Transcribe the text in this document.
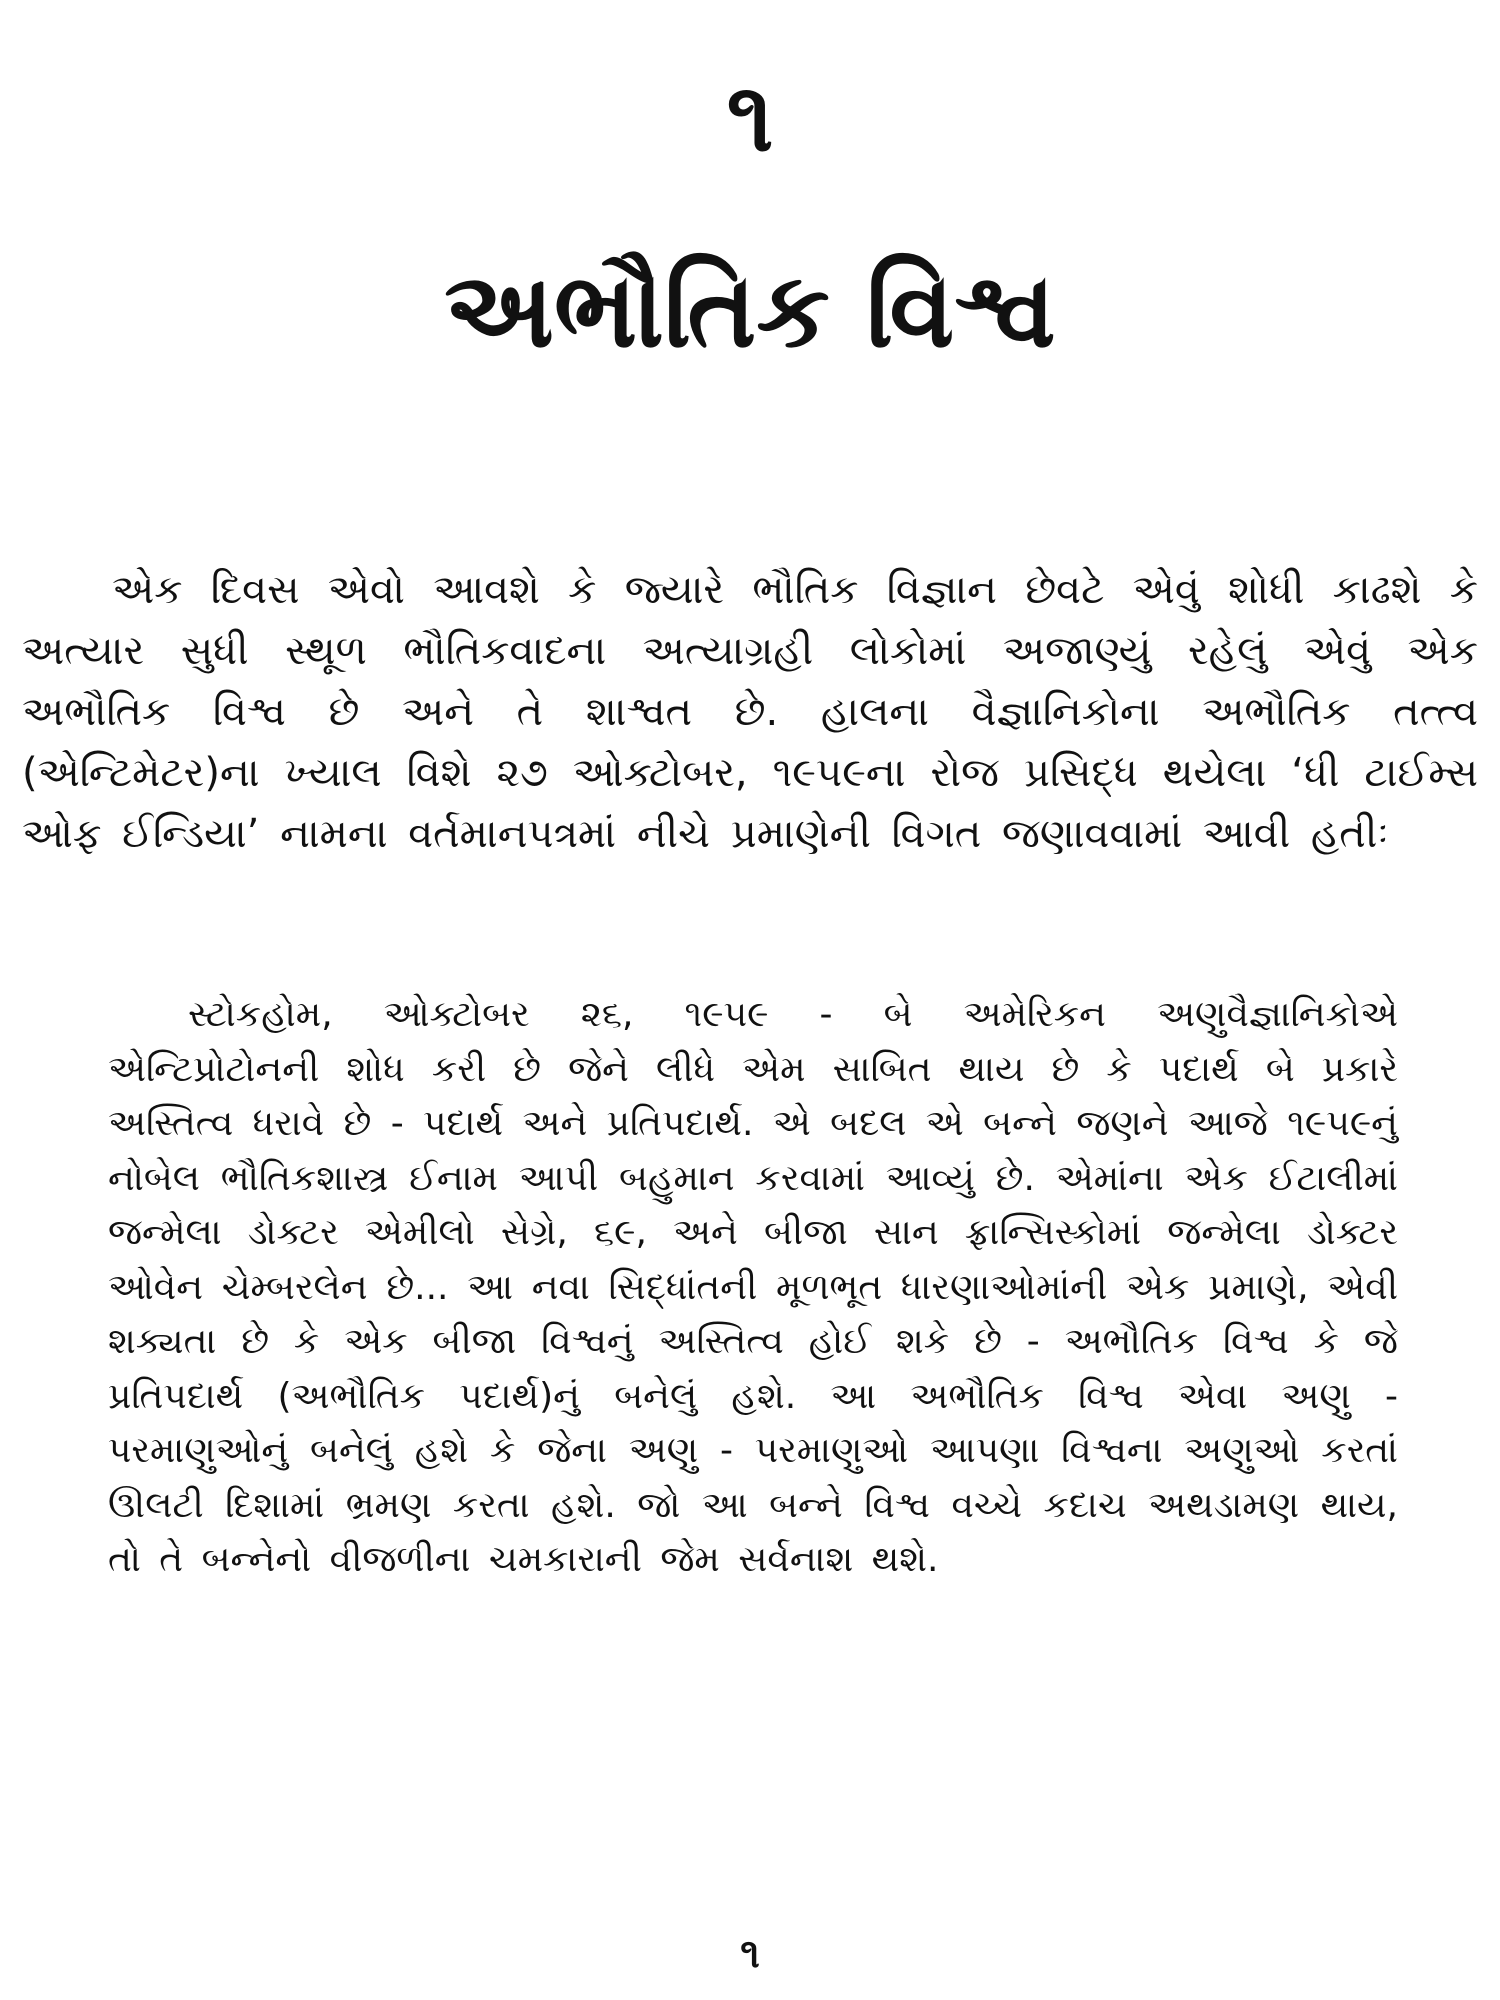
૧
અભૌતિક વિશ્વ

એક દિવસ એવો આવશે કે જ્યારે ભૌતિક વિજ્ઞાન છેવટે એવું શોધી કાઢશે કે અત્યાર સુધી સ્થૂળ ભૌતિકવાદના અત્યાગ્રહી લોકોમાં અજાણ્યું રહેલું એવું એક અભૌતિક વિશ્વ છે અને તે શાશ્વત છે. હાલના વૈજ્ઞાનિકોના અભૌતિક તત્ત્વ (એન્ટિમેટર)ના ખ્યાલ વિશે ૨૭ ઓક્ટોબર, ૧૯૫૯ના રોજ પ્રસિદ્ધ થયેલા ‘ધી ટાઈમ્સ ઓફ ઈન્ડિયા’ નામના વર્તમાનપત્રમાં નીચે પ્રમાણેની વિગત જણાવવામાં આવી હતીઃ

સ્ટોકહોમ, ઓક્ટોબર ૨૬, ૧૯૫૯ - બે અમેરિકન અણુવૈજ્ઞાનિકોએ એન્ટિપ્રોટોનની શોધ કરી છે જેને લીધે એમ સાબિત થાય છે કે પદાર્થ બે પ્રકારે અસ્તિત્વ ધરાવે છે - પદાર્થ અને પ્રતિપદાર્થ. એ બદલ એ બન્ને જણને આજે ૧૯૫૯નું નોબેલ ભૌતિકશાસ્ત્ર ઈનામ આપી બહુમાન કરવામાં આવ્યું છે. એમાંના એક ઈટાલીમાં જન્મેલા ડોક્ટર એમીલો સેગ્રે, ૬૯, અને બીજા સાન ફ્રાન્સિસ્કોમાં જન્મેલા ડોક્ટર ઓવેન ચેમ્બરલેન છે... આ નવા સિદ્ધાંતની મૂળભૂત ધારણાઓમાંની એક પ્રમાણે, એવી શક્યતા છે કે એક બીજા વિશ્વનું અસ્તિત્વ હોઈ શકે છે - અભૌતિક વિશ્વ કે જે પ્રતિપદાર્થ (અભૌતિક પદાર્થ)નું બનેલું હશે. આ અભૌતિક વિશ્વ એવા અણુ - પરમાણુઓનું બનેલું હશે કે જેના અણુ - પરમાણુઓ આપણા વિશ્વના અણુઓ કરતાં ઊલટી દિશામાં ભ્રમણ કરતા હશે. જો આ બન્ને વિશ્વ વચ્ચે કદાચ અથડામણ થાય, તો તે બન્નેનો વીજળીના ચમકારાની જેમ સર્વનાશ થશે.

૧
